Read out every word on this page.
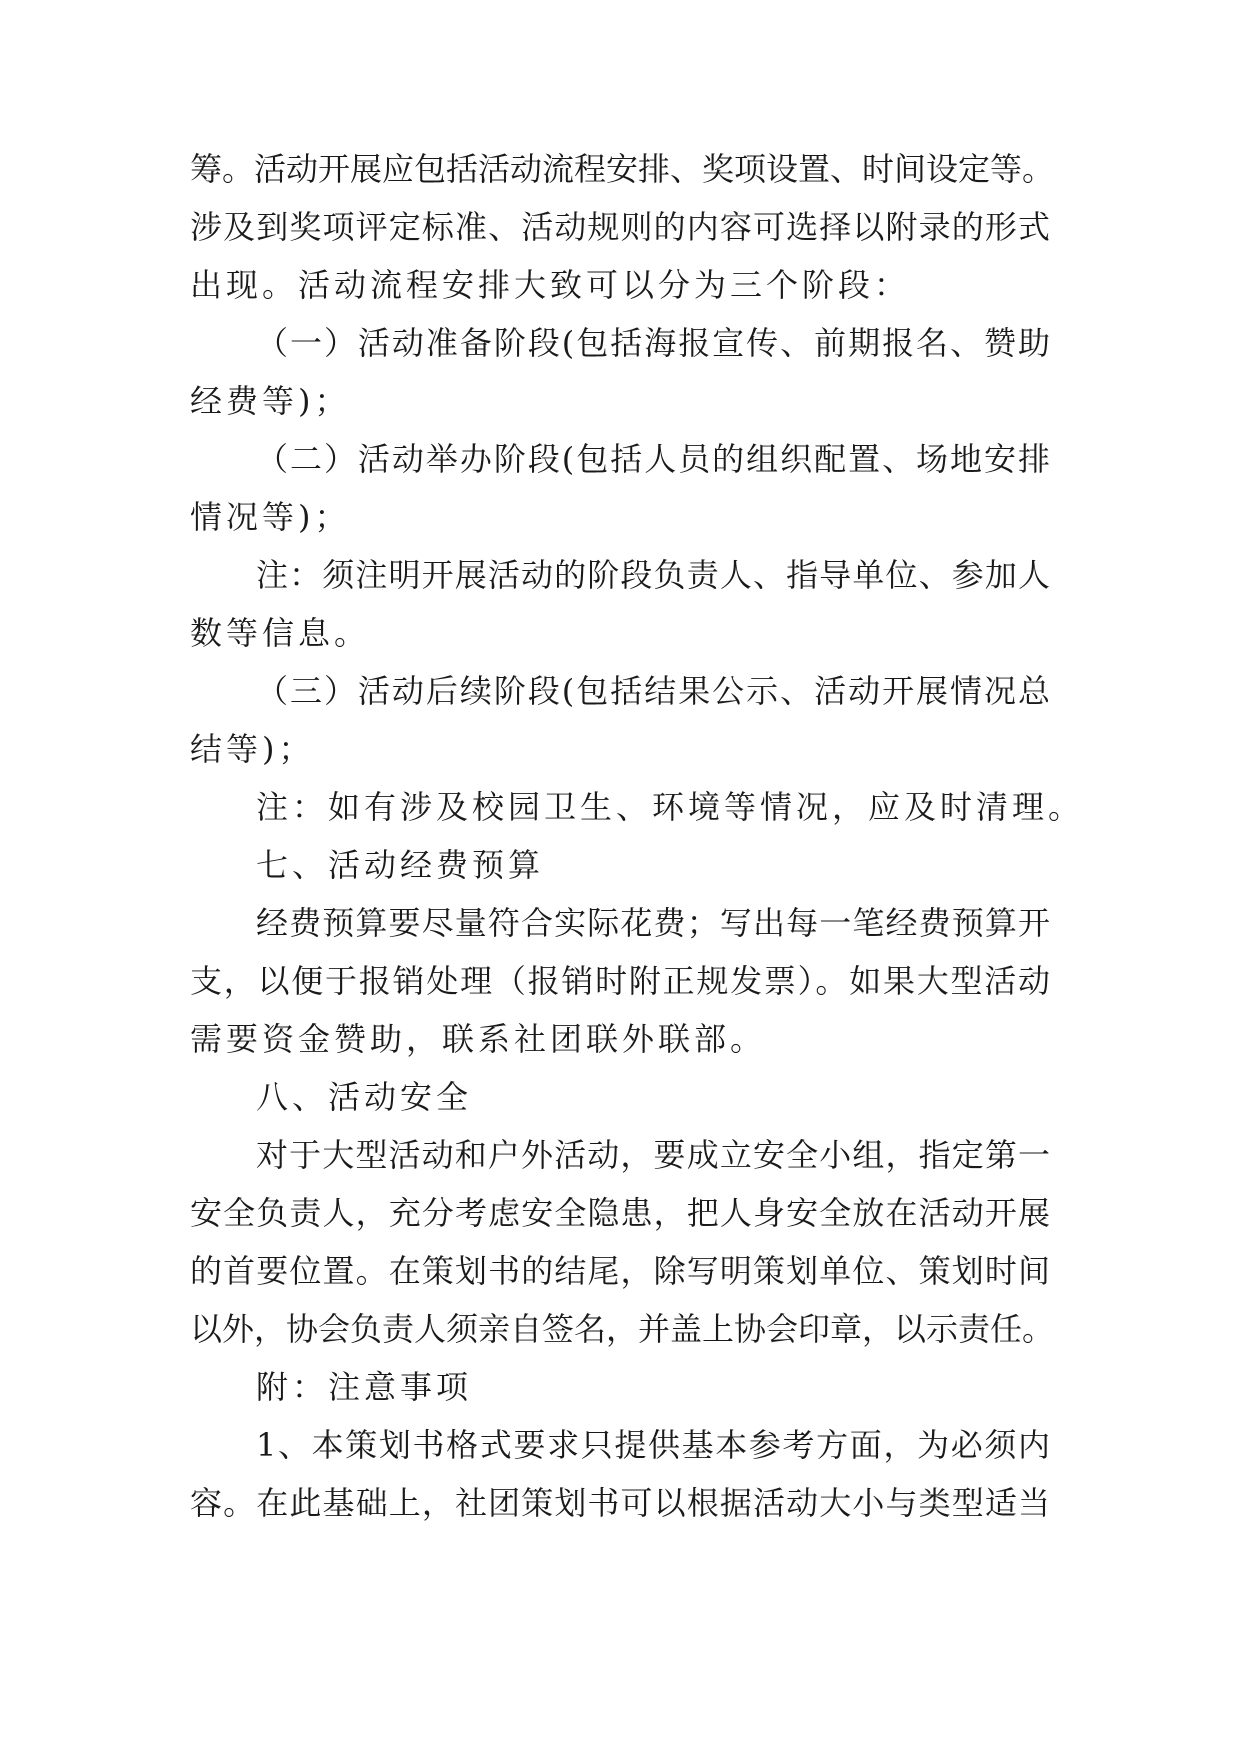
筹。活动开展应包括活动流程安排、奖项设置、时间设定等。
涉及到奖项评定标准、活动规则的内容可选择以附录的形式
出现。活动流程安排大致可以分为三个阶段：
（一）活动准备阶段(包括海报宣传、前期报名、赞助
经费等)；
（二）活动举办阶段(包括人员的组织配置、场地安排
情况等)；
注：须注明开展活动的阶段负责人、指导单位、参加人
数等信息。
（三）活动后续阶段(包括结果公示、活动开展情况总
结等)；
注：如有涉及校园卫生、环境等情况，应及时清理。
七、活动经费预算
经费预算要尽量符合实际花费；写出每一笔经费预算开
支，以便于报销处理（报销时附正规发票）。如果大型活动
需要资金赞助，联系社团联外联部。
八、活动安全
对于大型活动和户外活动，要成立安全小组，指定第一
安全负责人，充分考虑安全隐患，把人身安全放在活动开展
的首要位置。在策划书的结尾，除写明策划单位、策划时间
以外，协会负责人须亲自签名，并盖上协会印章，以示责任。
附：注意事项
1、本策划书格式要求只提供基本参考方面，为必须内
容。在此基础上，社团策划书可以根据活动大小与类型适当
